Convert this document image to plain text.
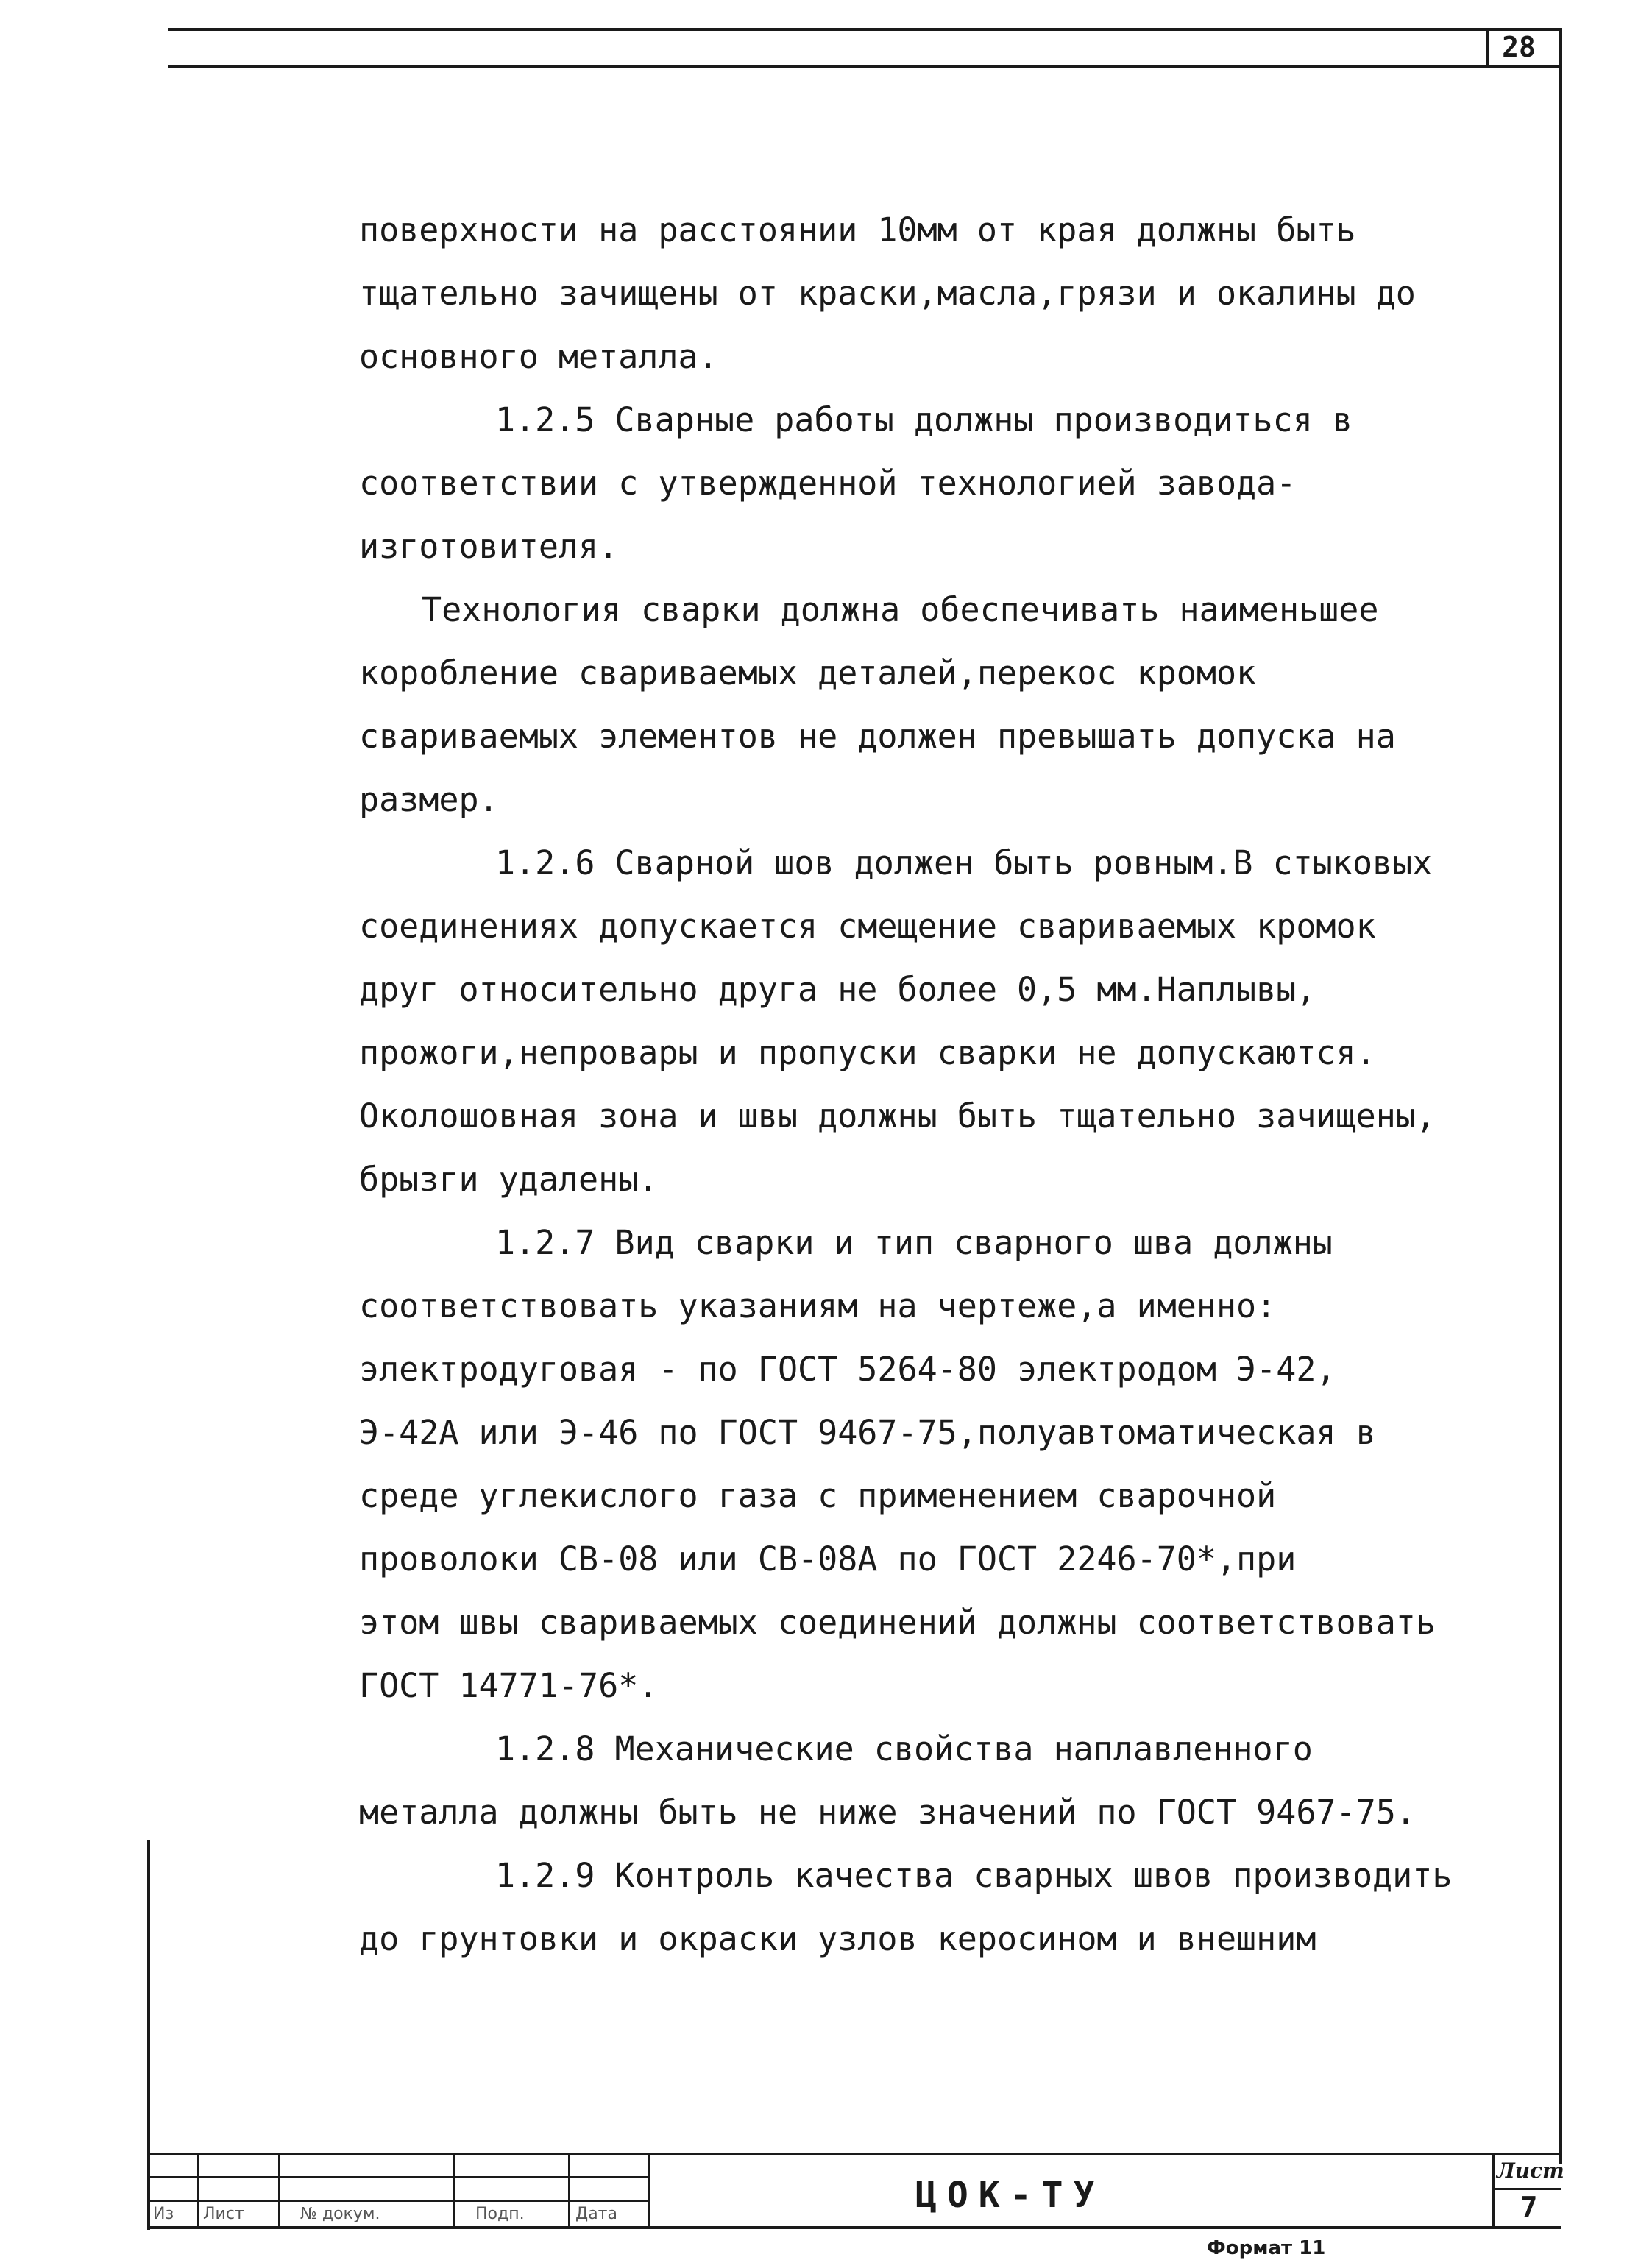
28
поверхности на расстоянии 10мм от края должны быть
тщательно зачищены от краски,масла,грязи и окалины до
основного металла.
1.2.5 Сварные работы должны производиться в
соответствии с утвержденной технологией завода-
изготовителя.
Технология сварки должна обеспечивать наименьшее
коробление свариваемых деталей,перекос кромок
свариваемых элементов не должен превышать допуска на
размер.
1.2.6 Сварной шов должен быть ровным.В стыковых
соединениях допускается смещение свариваемых кромок
друг относительно друга не более 0,5 мм.Наплывы,
прожоги,непровары и пропуски сварки не допускаются.
Околошовная зона и швы должны быть тщательно зачищены,
брызги удалены.
1.2.7 Вид сварки и тип сварного шва должны
соответствовать указаниям на чертеже,а именно:
электродуговая - по ГОСТ 5264-80 электродом Э-42,
Э-42А или Э-46 по ГОСТ 9467-75,полуавтоматическая в
среде углекислого газа с применением сварочной
проволоки СВ-08 или СВ-08А по ГОСТ 2246-70*,при
этом швы свариваемых соединений должны соответствовать
ГОСТ 14771-76*.
1.2.8 Механические свойства наплавленного
металла должны быть не ниже значений по ГОСТ 9467-75.
1.2.9 Контроль качества сварных швов производить
до грунтовки и окраски узлов керосином и внешним
Из Лист	№ докум.	Подп.	Дата	ЦОК-ТУ
Лист
7
Формат 11
